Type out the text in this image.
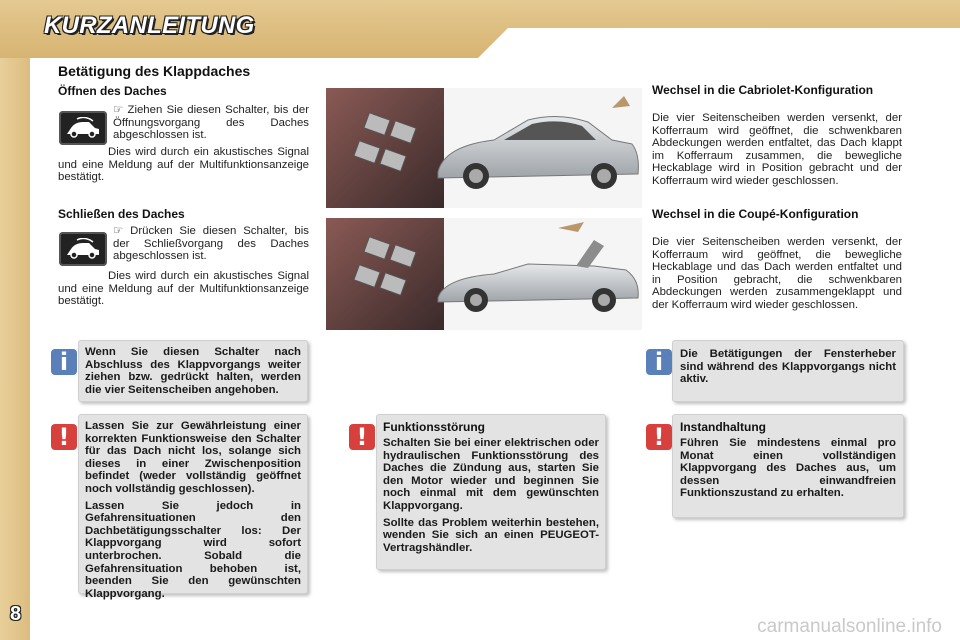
KURZANLEITUNG
Betätigung des Klappdaches
Öffnen des Daches
☞ Ziehen Sie diesen Schalter, bis der Öffnungsvorgang des Daches abgeschlossen ist.
Dies wird durch ein akustisches Signal und eine Meldung auf der Multifunktionsanzeige bestätigt.
Schließen des Daches
☞ Drücken Sie diesen Schalter, bis der Schließvorgang des Daches abgeschlossen ist.
Dies wird durch ein akustisches Signal und eine Meldung auf der Multifunktionsanzeige bestätigt.
Wechsel in die Cabriolet-Konfiguration
Die vier Seitenscheiben werden versenkt, der Kofferraum wird geöffnet, die schwenkbaren Abdeckungen werden entfaltet, das Dach klappt im Kofferraum zusammen, die bewegliche Heckablage wird in Position gebracht und der Kofferraum wird wieder geschlossen.
Wechsel in die Coupé-Konfiguration
Die vier Seitenscheiben werden versenkt, der Kofferraum wird geöffnet, die bewegliche Heckablage und das Dach werden entfaltet und in Position gebracht, die schwenkbaren Abdeckungen werden zusammengeklappt und der Kofferraum wird wieder geschlossen.
Wenn Sie diesen Schalter nach Abschluss des Klappvorgangs weiter ziehen bzw. gedrückt halten, werden die vier Seitenscheiben angehoben.
i	Die Betätigungen der Fensterheber sind während des Klappvorgangs nicht aktiv.
i
Lassen Sie zur Gewährleistung einer korrekten Funktionsweise den Schalter für das Dach nicht los, solange sich dieses in einer Zwischenposition befindet (weder vollständig geöffnet noch vollständig geschlossen).
Lassen Sie jedoch in Gefahrensituationen den Dachbetätigungsschalter los: Der Klappvorgang wird sofort unterbrochen. Sobald die Gefahrensituation behoben ist, beenden Sie den gewünschten Klappvorgang.
!	Funktionsstörung
Schalten Sie bei einer elektrischen oder hydraulischen Funktionsstörung des Daches die Zündung aus, starten Sie den Motor wieder und beginnen Sie noch einmal mit dem gewünschten Klappvorgang.
Sollte das Problem weiterhin bestehen, wenden Sie sich an einen PEUGEOT-Vertragshändler.
!	Instandhaltung
Führen Sie mindestens einmal pro Monat einen vollständigen Klappvorgang des Daches aus, um dessen einwandfreien Funktionszustand zu erhalten.
!
8
carmanualsonline.info
